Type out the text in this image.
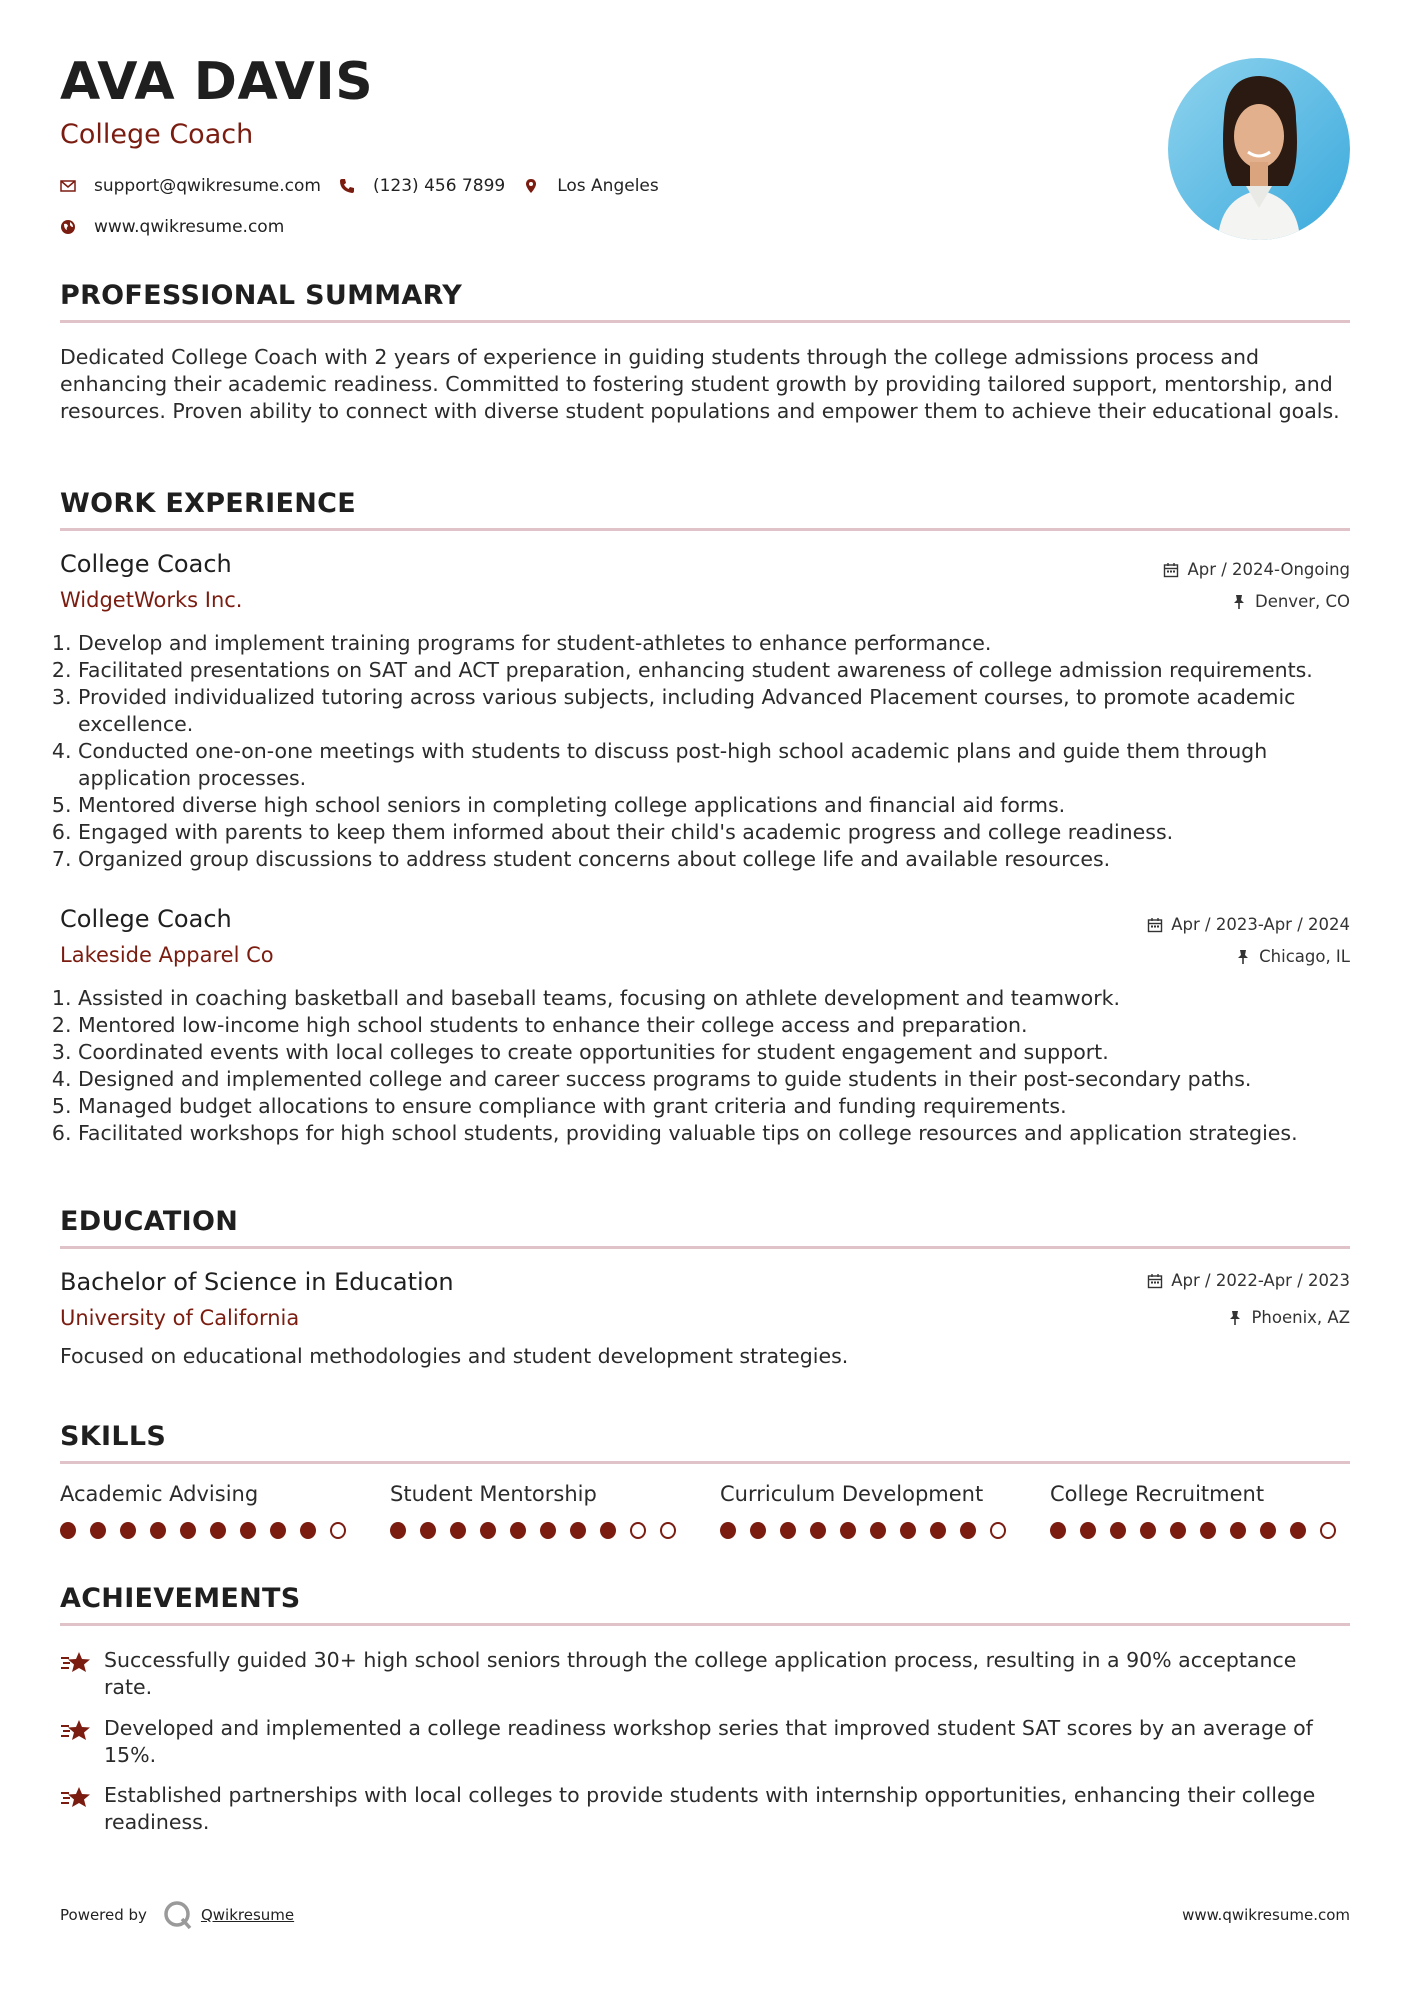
AVA DAVIS
College Coach
support@qwikresume.com	(123) 456 7899	Los Angeles
www.qwikresume.com
PROFESSIONAL SUMMARY
Dedicated College Coach with 2 years of experience in guiding students through the college admissions process and enhancing their academic readiness. Committed to fostering student growth by providing tailored support, mentorship, and resources. Proven ability to connect with diverse student populations and empower them to achieve their educational goals.
WORK EXPERIENCE
College Coach	Apr / 2024-Ongoing
WidgetWorks Inc.	Denver, CO
1. Develop and implement training programs for student-athletes to enhance performance.
2. Facilitated presentations on SAT and ACT preparation, enhancing student awareness of college admission requirements.
3. Provided individualized tutoring across various subjects, including Advanced Placement courses, to promote academic excellence.
4. Conducted one-on-one meetings with students to discuss post-high school academic plans and guide them through application processes.
5. Mentored diverse high school seniors in completing college applications and financial aid forms.
6. Engaged with parents to keep them informed about their child's academic progress and college readiness.
7. Organized group discussions to address student concerns about college life and available resources.
College Coach	Apr / 2023-Apr / 2024
Lakeside Apparel Co	Chicago, IL
1. Assisted in coaching basketball and baseball teams, focusing on athlete development and teamwork.
2. Mentored low-income high school students to enhance their college access and preparation.
3. Coordinated events with local colleges to create opportunities for student engagement and support.
4. Designed and implemented college and career success programs to guide students in their post-secondary paths.
5. Managed budget allocations to ensure compliance with grant criteria and funding requirements.
6. Facilitated workshops for high school students, providing valuable tips on college resources and application strategies.
EDUCATION
Bachelor of Science in Education	Apr / 2022-Apr / 2023
University of California	Phoenix, AZ
Focused on educational methodologies and student development strategies.
SKILLS
Academic Advising	Student Mentorship	Curriculum Development	College Recruitment
ACHIEVEMENTS
Successfully guided 30+ high school seniors through the college application process, resulting in a 90% acceptance rate.
Developed and implemented a college readiness workshop series that improved student SAT scores by an average of 15%.
Established partnerships with local colleges to provide students with internship opportunities, enhancing their college readiness.
Powered by	Qwikresume	www.qwikresume.com
